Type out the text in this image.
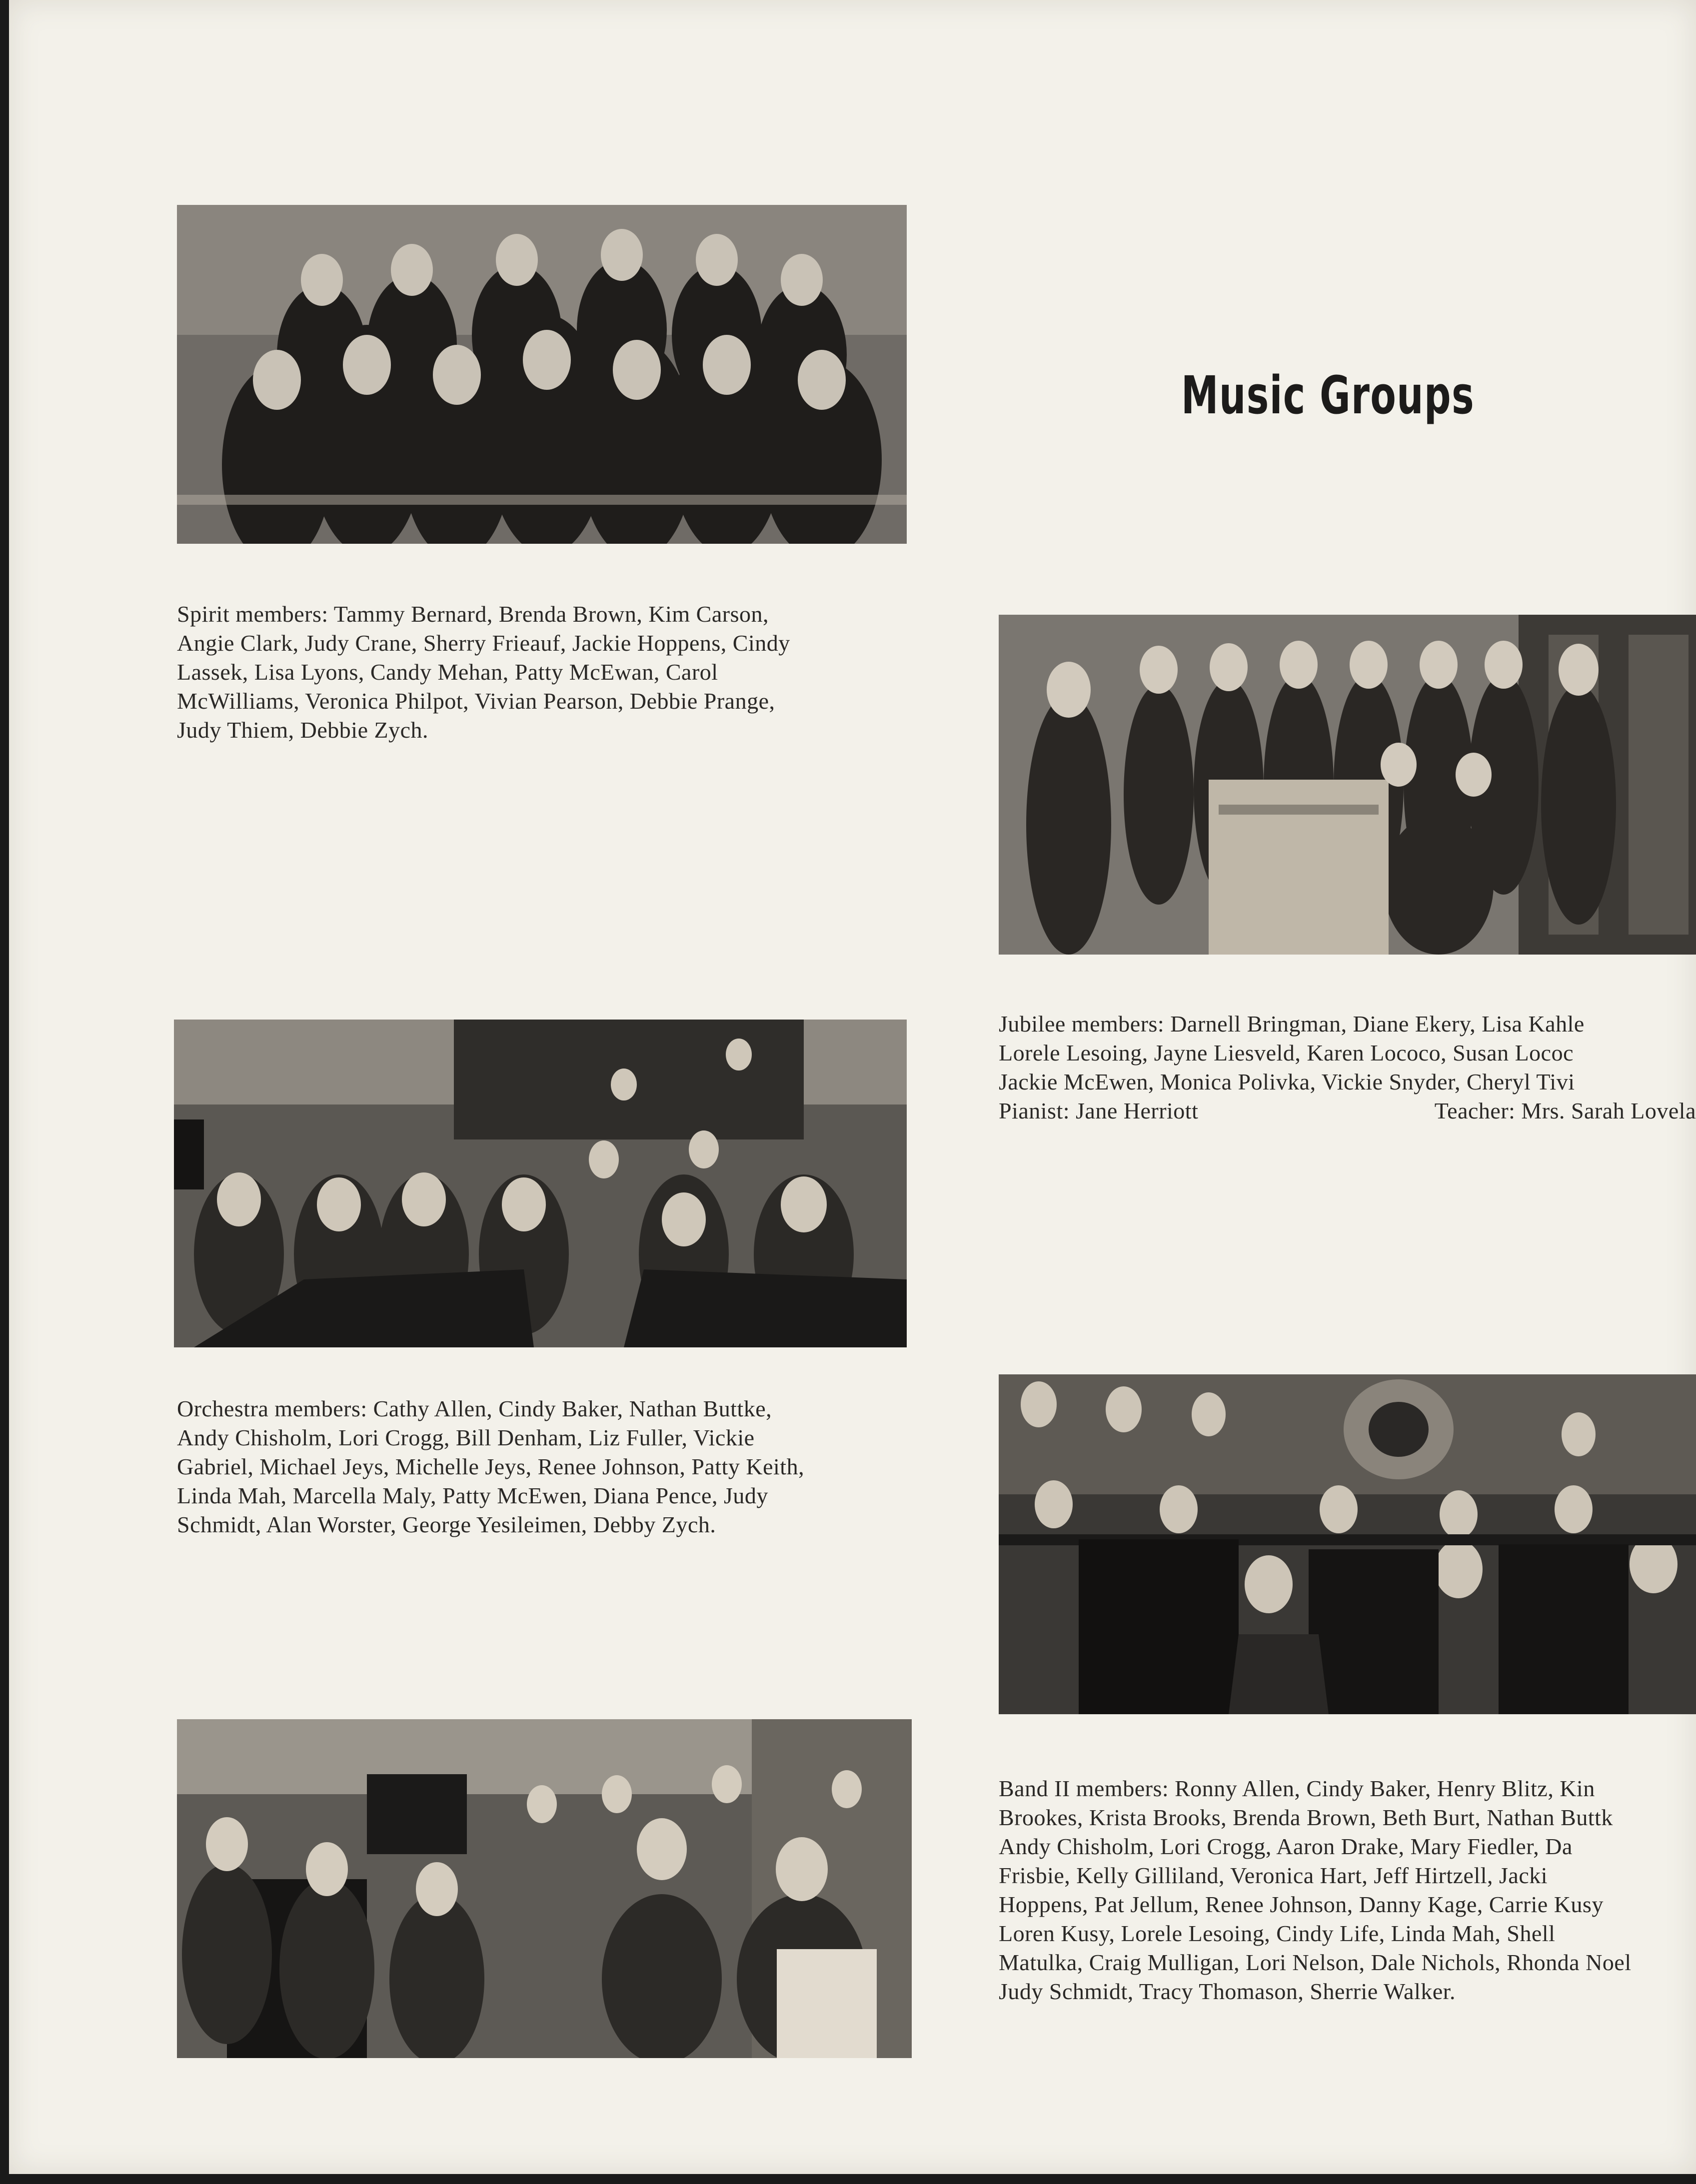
Music Groups
Spirit members: Tammy Bernard, Brenda Brown, Kim Carson,
Angie Clark, Judy Crane, Sherry Frieauf, Jackie Hoppens, Cindy
Lassek, Lisa Lyons, Candy Mehan, Patty McEwan, Carol
McWilliams, Veronica Philpot, Vivian Pearson, Debbie Prange,
Judy Thiem, Debbie Zych.
Jubilee members: Darnell Bringman, Diane Ekery, Lisa Kahle
Lorele Lesoing, Jayne Liesveld, Karen Lococo, Susan Lococ
Jackie McEwen, Monica Polivka, Vickie Snyder, Cheryl Tivi
Pianist: Jane Herriott	Teacher: Mrs. Sarah Lovela
Orchestra members: Cathy Allen, Cindy Baker, Nathan Buttke,
Andy Chisholm, Lori Crogg, Bill Denham, Liz Fuller, Vickie
Gabriel, Michael Jeys, Michelle Jeys, Renee Johnson, Patty Keith,
Linda Mah, Marcella Maly, Patty McEwen, Diana Pence, Judy
Schmidt, Alan Worster, George Yesileimen, Debby Zych.
Band II members: Ronny Allen, Cindy Baker, Henry Blitz, Kin
Brookes, Krista Brooks, Brenda Brown, Beth Burt, Nathan Buttk
Andy Chisholm, Lori Crogg, Aaron Drake, Mary Fiedler, Da
Frisbie, Kelly Gilliland, Veronica Hart, Jeff Hirtzell, Jacki
Hoppens, Pat Jellum, Renee Johnson, Danny Kage, Carrie Kusy
Loren Kusy, Lorele Lesoing, Cindy Life, Linda Mah, Shell
Matulka, Craig Mulligan, Lori Nelson, Dale Nichols, Rhonda Noel
Judy Schmidt, Tracy Thomason, Sherrie Walker.
